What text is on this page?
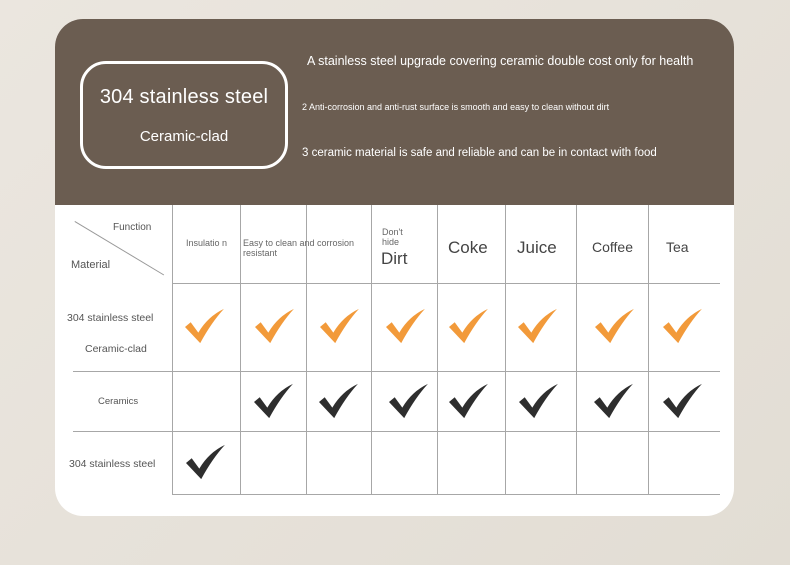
304 stainless steel
Ceramic-clad
A stainless steel upgrade covering ceramic double cost only for health
2 Anti-corrosion and anti-rust surface is smooth and easy to clean without dirt
3 ceramic material is safe and reliable and can be in contact with food
Function
Material
Insulatio n	Easy to clean and corrosion resistant
Don't hide
Dirt
Coke Juice	Coffee Tea
304 stainless steel
Ceramic-clad
Ceramics
304 stainless steel
